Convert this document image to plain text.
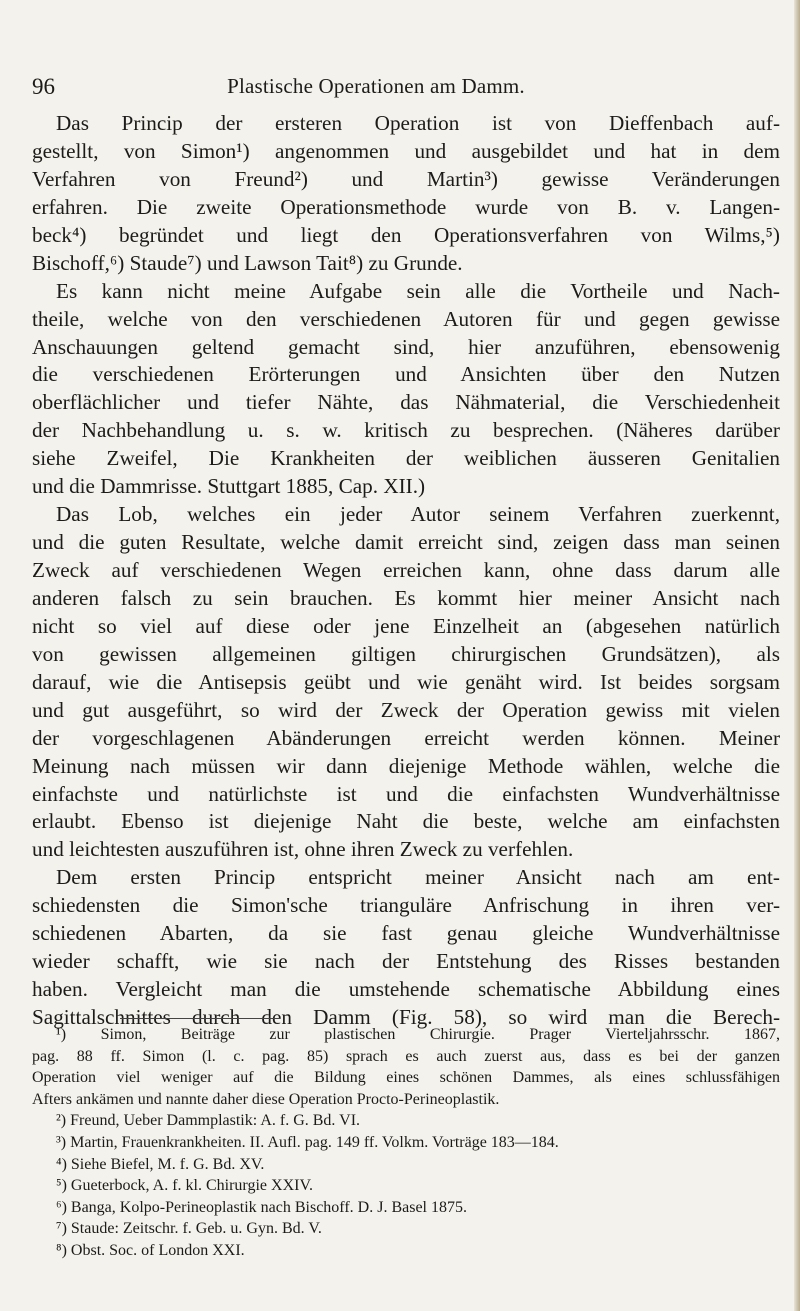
96	Plastische Operationen am Damm.
Das Princip der ersteren Operation ist von Dieffenbach auf-
gestellt, von Simon¹) angenommen und ausgebildet und hat in dem
Verfahren von Freund²) und Martin³) gewisse Veränderungen
erfahren. Die zweite Operationsmethode wurde von B. v. Langen-
beck⁴) begründet und liegt den Operationsverfahren von Wilms,⁵)
Bischoff,⁶) Staude⁷) und Lawson Tait⁸) zu Grunde.
Es kann nicht meine Aufgabe sein alle die Vortheile und Nach-
theile, welche von den verschiedenen Autoren für und gegen gewisse
Anschauungen geltend gemacht sind, hier anzuführen, ebensowenig
die verschiedenen Erörterungen und Ansichten über den Nutzen
oberflächlicher und tiefer Nähte, das Nähmaterial, die Verschiedenheit
der Nachbehandlung u. s. w. kritisch zu besprechen. (Näheres darüber
siehe Zweifel, Die Krankheiten der weiblichen äusseren Genitalien
und die Dammrisse. Stuttgart 1885, Cap. XII.)
Das Lob, welches ein jeder Autor seinem Verfahren zuerkennt,
und die guten Resultate, welche damit erreicht sind, zeigen dass man seinen
Zweck auf verschiedenen Wegen erreichen kann, ohne dass darum alle
anderen falsch zu sein brauchen. Es kommt hier meiner Ansicht nach
nicht so viel auf diese oder jene Einzelheit an (abgesehen natürlich
von gewissen allgemeinen giltigen chirurgischen Grundsätzen), als
darauf, wie die Antisepsis geübt und wie genäht wird. Ist beides sorgsam
und gut ausgeführt, so wird der Zweck der Operation gewiss mit vielen
der vorgeschlagenen Abänderungen erreicht werden können. Meiner
Meinung nach müssen wir dann diejenige Methode wählen, welche die
einfachste und natürlichste ist und die einfachsten Wundverhältnisse
erlaubt. Ebenso ist diejenige Naht die beste, welche am einfachsten
und leichtesten auszuführen ist, ohne ihren Zweck zu verfehlen.
Dem ersten Princip entspricht meiner Ansicht nach am ent-
schiedensten die Simon'sche trianguläre Anfrischung in ihren ver-
schiedenen Abarten, da sie fast genau gleiche Wundverhältnisse
wieder schafft, wie sie nach der Entstehung des Risses bestanden
haben. Vergleicht man die umstehende schematische Abbildung eines
Sagittalschnittes durch den Damm (Fig. 58), so wird man die Berech-
¹) Simon, Beiträge zur plastischen Chirurgie. Prager Vierteljahrsschr. 1867,
pag. 88 ff. Simon (l. c. pag. 85) sprach es auch zuerst aus, dass es bei der ganzen
Operation viel weniger auf die Bildung eines schönen Dammes, als eines schlussfähigen
Afters ankämen und nannte daher diese Operation Procto-Perineoplastik.
²) Freund, Ueber Dammplastik: A. f. G. Bd. VI.
³) Martin, Frauenkrankheiten. II. Aufl. pag. 149 ff. Volkm. Vorträge 183—184.
⁴) Siehe Biefel, M. f. G. Bd. XV.
⁵) Gueterbock, A. f. kl. Chirurgie XXIV.
⁶) Banga, Kolpo-Perineoplastik nach Bischoff. D. J. Basel 1875.
⁷) Staude: Zeitschr. f. Geb. u. Gyn. Bd. V.
⁸) Obst. Soc. of London XXI.
